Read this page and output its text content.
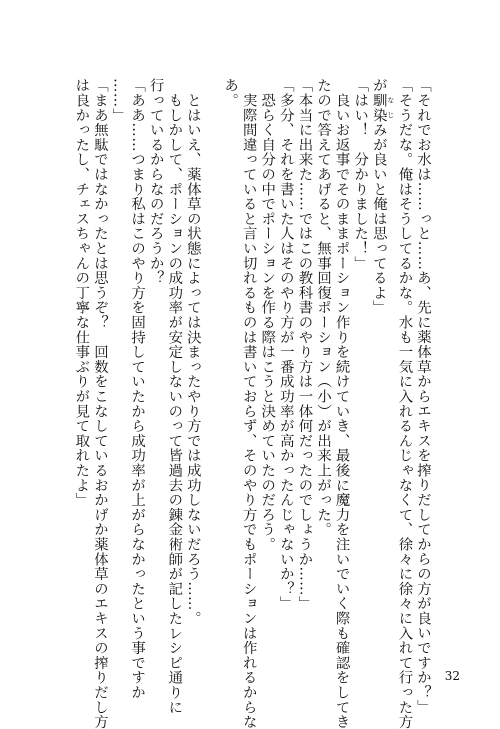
「それでお水は……っと……あ、先に薬体草からエキスを搾りだしてからの方が良いですか？」
「そうだな。俺はそうしてるかな。水も一気に入れるんじゃなくて、徐々に徐々に入れて行った方
が馴染 なじみが良いと俺は思ってるよ」
「はい！　分かりました！」
　良いお返事でそのままポーション作りを続けていき、最後に魔力を注いでいく際も確認をしてき
たので答えてあげると、無事回復ポーション（小）が出来上がった。
「本当に出来た……ではこの教科書のやり方は一体何だったのでしょうか……」
「多分、それを書いた人はそのやり方が一番成功率が高かったんじゃないか？」
　恐らく自分の中でポーションを作る際はこうと決めていたのだろう。
　実際間違っていると言い切れるものは書いておらず、そのやり方でもポーションは作れるからな
あ。
　とはいえ、薬体草の状態によっては決まったやり方では成功しないだろう……。
　もしかして、ポーションの成功率が安定しないのって皆過去の錬金術師が記したレシピ通りに
行っているからなのだろうか？
「ああ……つまり私はこのやり方を固持していたから成功率が上がらなかったという事ですか
……」
「まあ無駄ではなかったとは思うぞ？　回数をこなしているおかげか薬体草のエキスの搾りだし方
は良かったし、チェスちゃんの丁寧な仕事ぶりが見て取れたよ」
32
